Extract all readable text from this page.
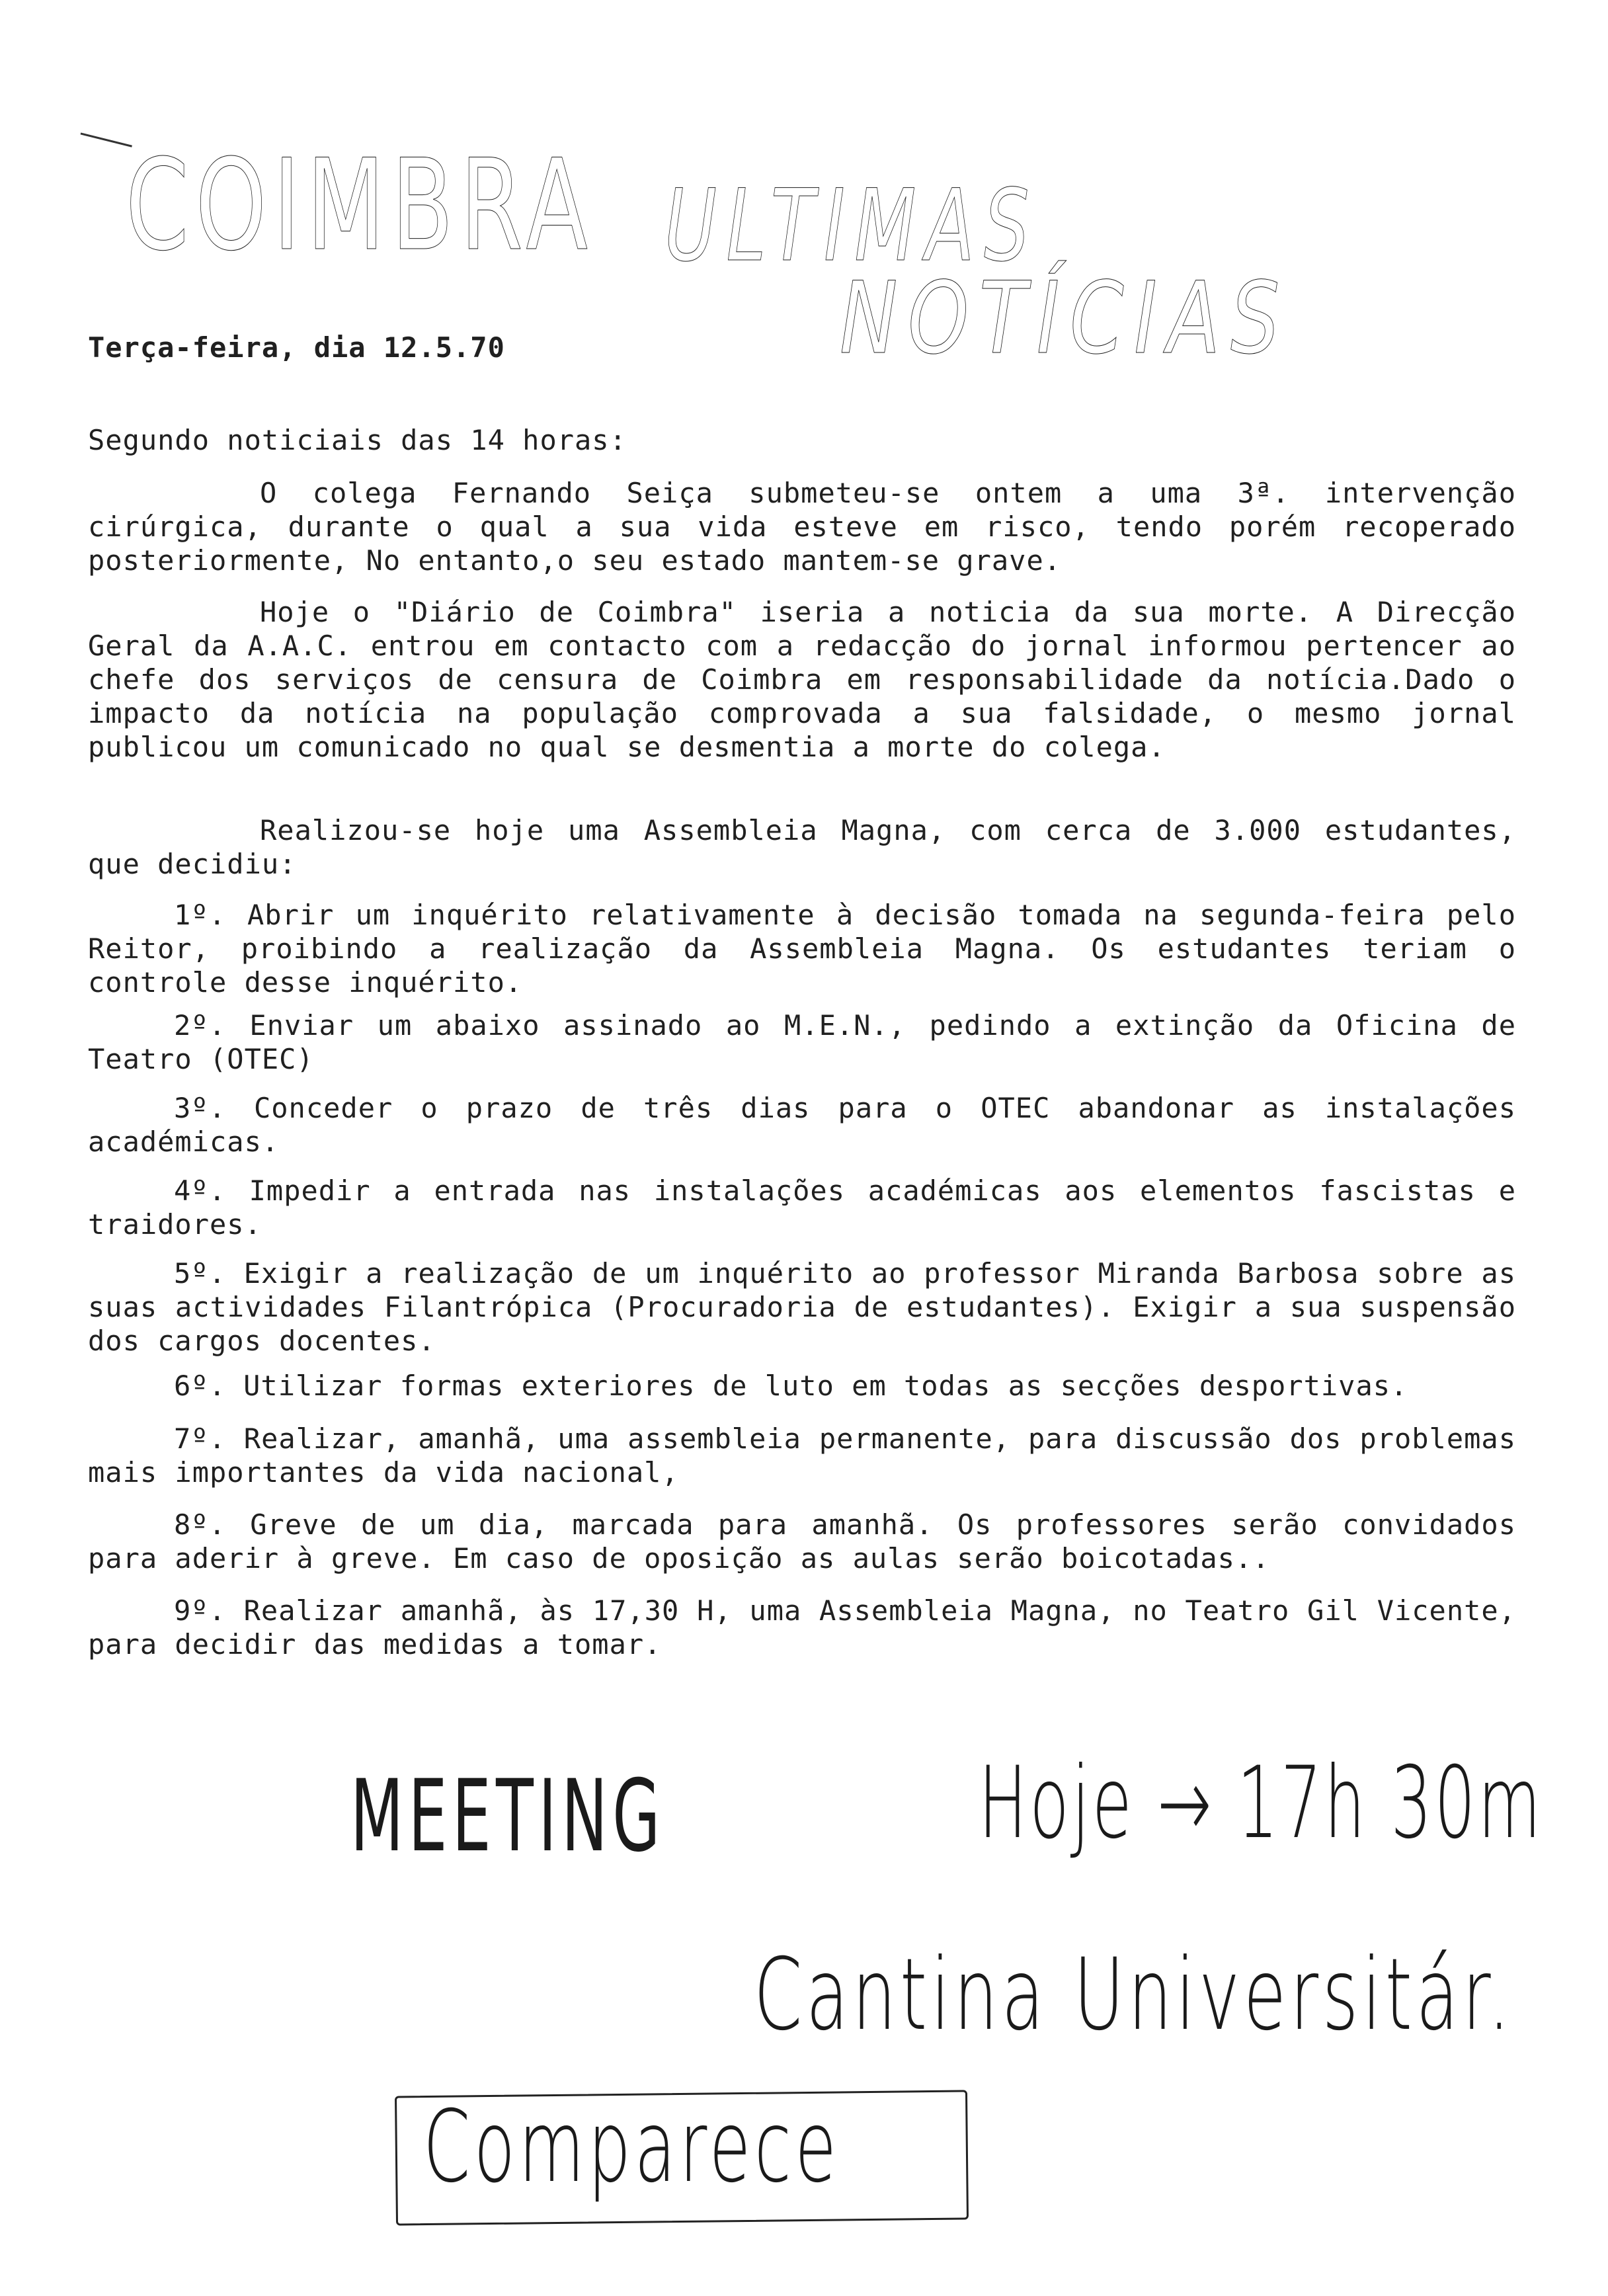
COIMBRA ULTIMAS
NOTÍCIAS
Terça-feira, dia 12.5.70
Segundo noticiais das 14 horas:
O colega Fernando Seiça submeteu-se ontem a uma 3ª. intervenção cirúrgica, durante o qual a sua vida esteve em risco, tendo porém recoperado posteriormente, No entanto,o seu estado mantem-se grave.
Hoje o "Diário de Coimbra" iseria a noticia da sua morte. A Direcção Geral da A.A.C. entrou em contacto com a redacção do jornal informou pertencer ao chefe dos serviços de censura de Coimbra em responsabilidade da notícia.Dado o impacto da notícia na população comprovada a sua falsidade, o mesmo jornal publicou um comunicado no qual se desmentia a morte do colega.
Realizou-se hoje uma Assembleia Magna, com cerca de 3.000 estudantes, que decidiu:
1º. Abrir um inquérito relativamente à decisão tomada na segunda-feira pelo Reitor, proibindo a realização da Assembleia Magna. Os estudantes teriam o controle desse inquérito.
2º. Enviar um abaixo assinado ao M.E.N., pedindo a extinção da Oficina de Teatro (OTEC)
3º. Conceder o prazo de três dias para o OTEC abandonar as instalações académicas.
4º. Impedir a entrada nas instalações académicas aos elementos fascistas e traidores.
5º. Exigir a realização de um inquérito ao professor Miranda Barbosa sobre as suas actividades Filantrópica (Procuradoria de estudantes). Exigir a sua suspensão dos cargos docentes.
6º. Utilizar formas exteriores de luto em todas as secções desportivas.
7º. Realizar, amanhã, uma assembleia permanente, para discussão dos problemas mais importantes da vida nacional,
8º. Greve de um dia, marcada para amanhã. Os professores serão convidados para aderir à greve. Em caso de oposição as aulas serão boicotadas..
9º. Realizar amanhã, às 17,30 H, uma Assembleia Magna, no Teatro Gil Vicente, para decidir das medidas a tomar.
MEETING	Hoje → 17h 30m
Cantina Universitár.
Comparece
